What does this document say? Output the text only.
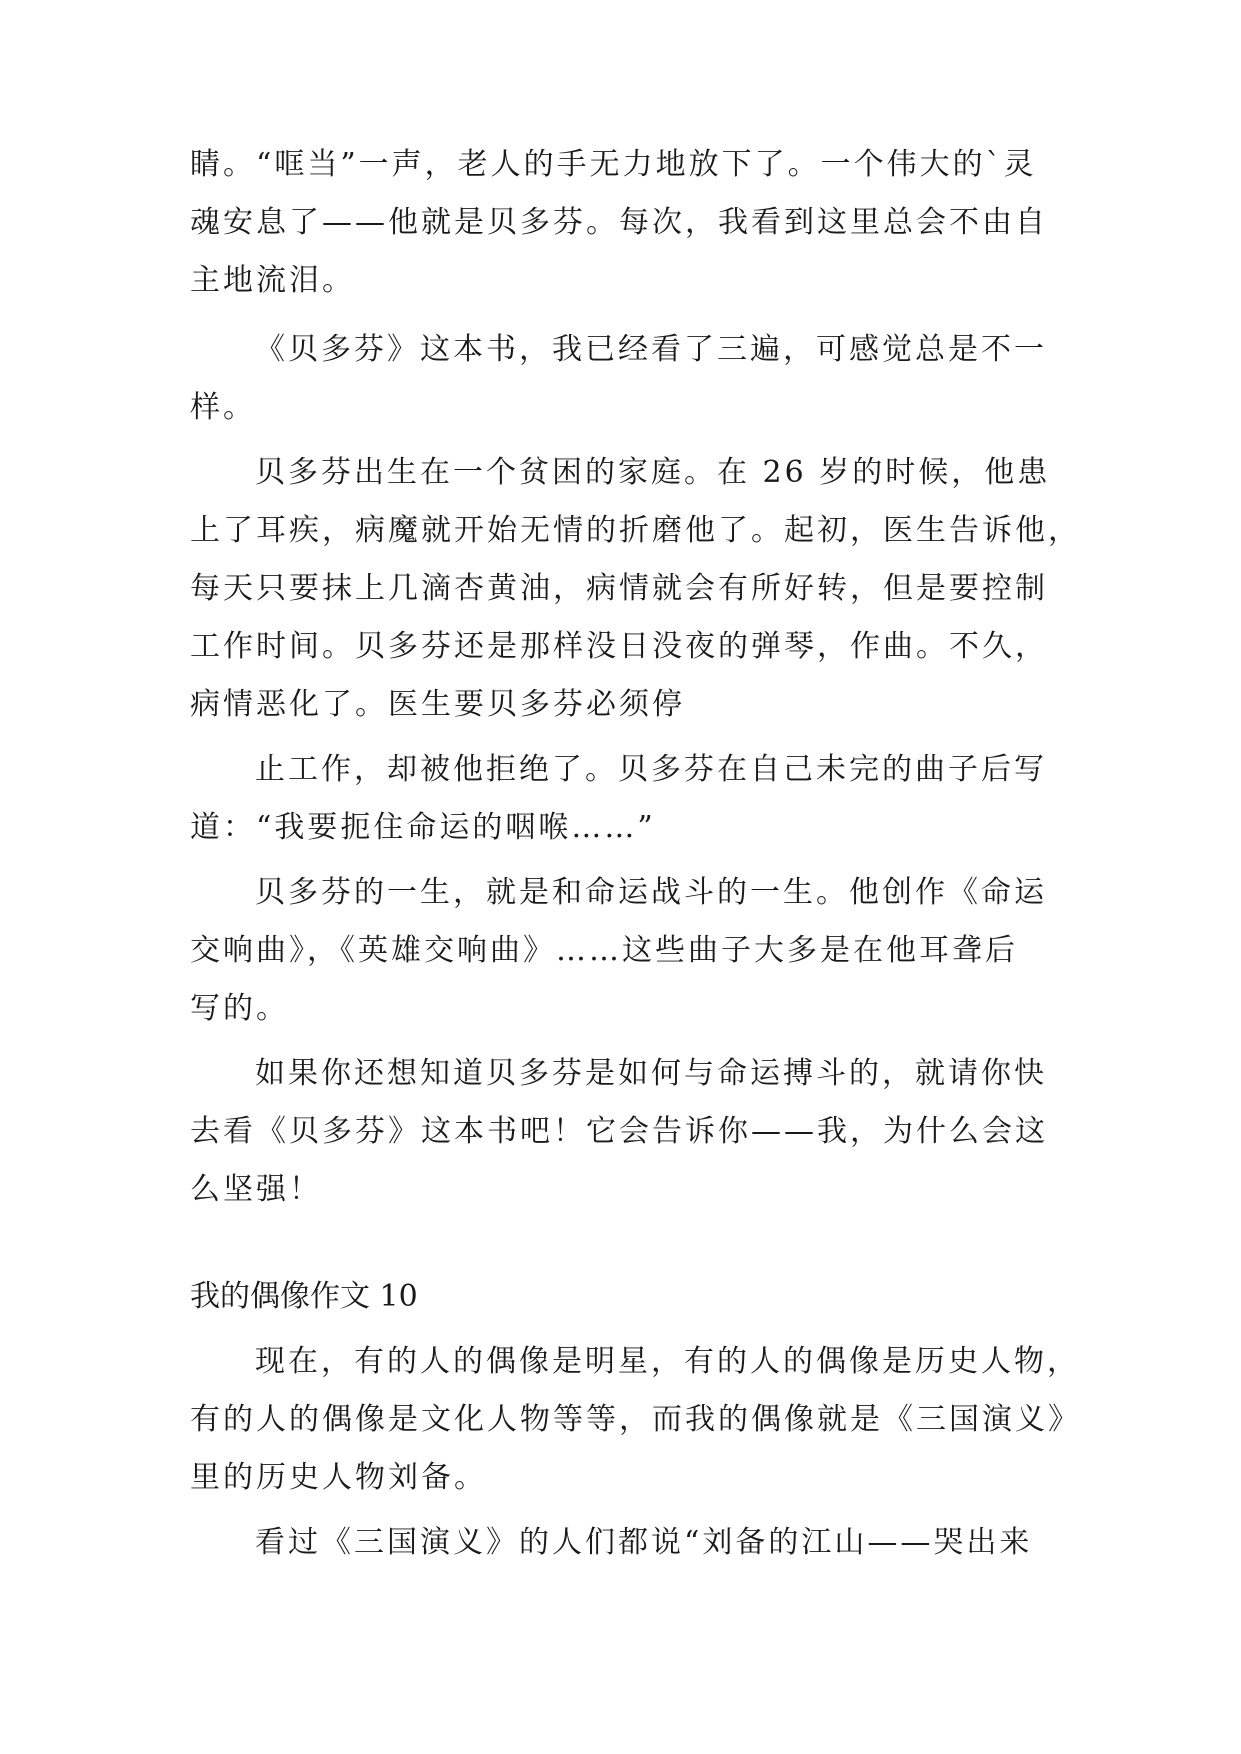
睛。“哐当”一声，老人的手无力地放下了。一个伟大的`灵
魂安息了——他就是贝多芬。每次，我看到这里总会不由自
主地流泪。
《贝多芬》这本书，我已经看了三遍，可感觉总是不一
样。
贝多芬出生在一个贫困的家庭。在 26 岁的时候，他患
上了耳疾，病魔就开始无情的折磨他了。起初，医生告诉他，
每天只要抹上几滴杏黄油，病情就会有所好转，但是要控制
工作时间。贝多芬还是那样没日没夜的弹琴，作曲。不久，
病情恶化了。医生要贝多芬必须停
止工作，却被他拒绝了。贝多芬在自己未完的曲子后写
道：“我要扼住命运的咽喉……”
贝多芬的一生，就是和命运战斗的一生。他创作《命运
交响曲》，《英雄交响曲》……这些曲子大多是在他耳聋后
写的。
如果你还想知道贝多芬是如何与命运搏斗的，就请你快
去看《贝多芬》这本书吧！它会告诉你——我，为什么会这
么坚强！
我的偶像作文 10
现在，有的人的偶像是明星，有的人的偶像是历史人物，
有的人的偶像是文化人物等等，而我的偶像就是《三国演义》
里的历史人物刘备。
看过《三国演义》的人们都说“刘备的江山——哭出来
